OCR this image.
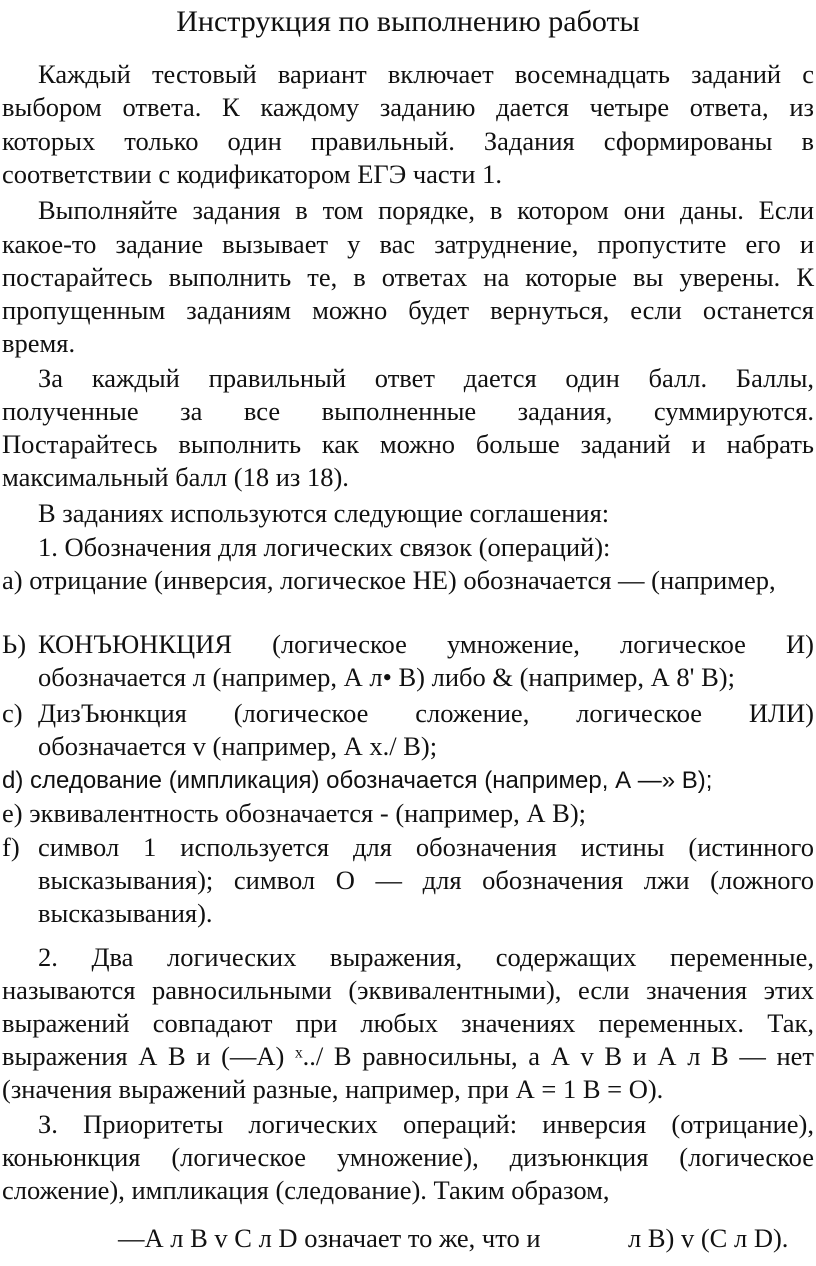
Инструкция по выполнению работы

Каждый тестовый вариант включает восемнадцать заданий с

выбором ответа. К каждому заданию дается четыре ответа, из

которых только один правильный. Задания сформированы в

соответствии с кодификатором ЕГЭ части 1.

Выполняйте задания в том порядке, в котором они даны. Если

какое-то задание вызывает у вас затруднение, пропустите его и

постарайтесь выполнить те, в ответах на которые вы уверены. К

пропущенным заданиям можно будет вернуться, если останется

время.

За каждый правильный ответ дается один балл. Баллы,

полученные за все выполненные задания, суммируются.

Постарайтесь выполнить как можно больше заданий и набрать

максимальный балл (18 из 18).

В заданиях используются следующие соглашения:

1. Обозначения для логических связок (операций):

а) отрицание (инверсия, логическое НЕ) обозначается — (например,

Ь) КОНЪЮНКЦИЯ (логическое умножение, логическое И)

обозначается л (например, А л• В) либо & (например, А 8' В);

с) ДизЪюнкция (логическое сложение, логическое ИЛИ)

обозначается v (например, А х./ В);

d) следование (импликация) обозначается (например, А —» В);

е) эквивалентность обозначается - (например, А В);

f) символ 1 используется для обозначения истины (истинного

высказывания); символ О — для обозначения лжи (ложного

высказывания).

2. Два логических выражения, содержащих переменные,

называются равносильными (эквивалентными), если значения этих

выражений совпадают при любых значениях переменных. Так,

выражения А В и (—А) ˣ../ В равносильны, а А v В и А л В — нет

(значения выражений разные, например, при А = 1 В = О).

З. Приоритеты логических операций: инверсия (отрицание),

коньюнкция (логическое умножение), дизъюнкция (логическое

сложение), импликация (следование). Таким образом,

—А л В v С л D означает то же, что и	л В) v (С л D).
